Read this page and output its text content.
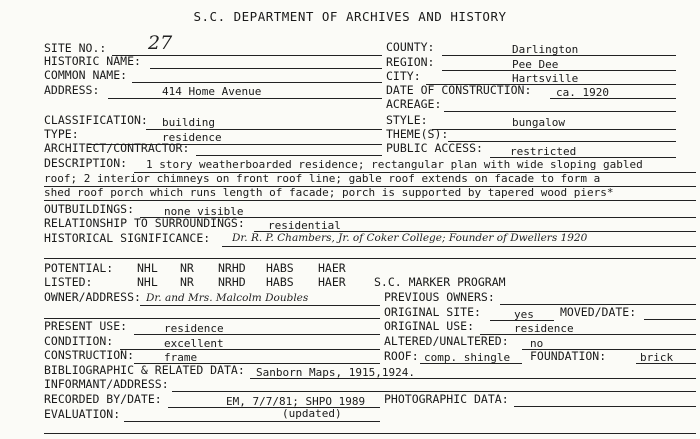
S.C. DEPARTMENT OF ARCHIVES AND HISTORY
SITE NO.: 27
HISTORIC NAME:
COMMON NAME:
ADDRESS:	414 Home Avenue
CLASSIFICATION: building
TYPE:	residence
ARCHITECT/CONTRACTOR:
COUNTY:	Darlington
REGION:	Pee Dee
CITY:	Hartsville
DATE OF CONSTRUCTION: ca. 1920
ACREAGE:
STYLE:	bungalow
THEME(S):
PUBLIC ACCESS: restricted
DESCRIPTION: 1 story weatherboarded residence; rectangular plan with wide sloping gabled
roof; 2 interior chimneys on front roof line; gable roof extends on facade to form a
shed roof porch which runs length of facade; porch is supported by tapered wood piers*
OUTBUILDINGS:	none visible
RELATIONSHIP TO SURROUNDINGS: residential
HISTORICAL SIGNIFICANCE: Dr. R. P. Chambers, Jr. of Coker College; Founder of Dwellers 1920
POTENTIAL: NHL NR NRHD HABS HAER
LISTED:	NHL NR NRHD HABS HAER S.C. MARKER PROGRAM
OWNER/ADDRESS: Dr. and Mrs. Malcolm Doubles	PREVIOUS OWNERS:
ORIGINAL SITE:	yes MOVED/DATE:
PRESENT USE:	residence
CONDITION:	excellent
CONSTRUCTION:	frame
ORIGINAL USE:	residence
ALTERED/UNALTERED: no
ROOF: comp. shingle FOUNDATION:	brick
BIBLIOGRAPHIC & RELATED DATA: Sanborn Maps, 1915,1924.
INFORMANT/ADDRESS:
RECORDED BY/DATE:	EM, 7/7/81; SHPO 1989
(updated)
PHOTOGRAPHIC DATA:
EVALUATION:
